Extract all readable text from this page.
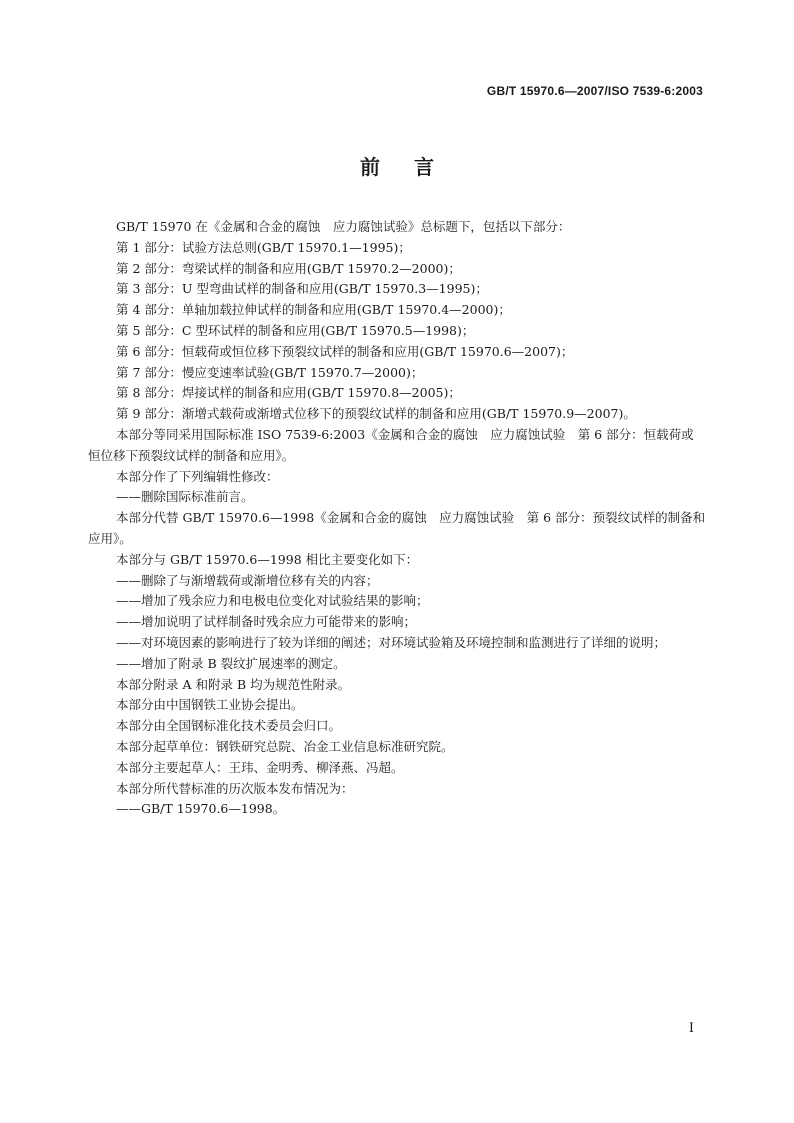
GB/T 15970.6—2007/ISO 7539-6:2003
前言

GB/T 15970 在《金属和合金的腐蚀　应力腐蚀试验》总标题下，包括以下部分：

第 1 部分：试验方法总则(GB/T 15970.1—1995)；

第 2 部分：弯梁试样的制备和应用(GB/T 15970.2—2000)；

第 3 部分：U 型弯曲试样的制备和应用(GB/T 15970.3—1995)；

第 4 部分：单轴加载拉伸试样的制备和应用(GB/T 15970.4—2000)；

第 5 部分：C 型环试样的制备和应用(GB/T 15970.5—1998)；

第 6 部分：恒载荷或恒位移下预裂纹试样的制备和应用(GB/T 15970.6—2007)；

第 7 部分：慢应变速率试验(GB/T 15970.7—2000)；

第 8 部分：焊接试样的制备和应用(GB/T 15970.8—2005)；

第 9 部分：渐增式载荷或渐增式位移下的预裂纹试样的制备和应用(GB/T 15970.9—2007)。

本部分等同采用国际标准 ISO 7539-6:2003《金属和合金的腐蚀　应力腐蚀试验　第 6 部分：恒载荷或恒位移下预裂纹试样的制备和应用》。

本部分作了下列编辑性修改：

——删除国际标准前言。

本部分代替 GB/T 15970.6—1998《金属和合金的腐蚀　应力腐蚀试验　第 6 部分：预裂纹试样的制备和应用》。

本部分与 GB/T 15970.6—1998 相比主要变化如下：

——删除了与渐增载荷或渐增位移有关的内容；

——增加了残余应力和电极电位变化对试验结果的影响；

——增加说明了试样制备时残余应力可能带来的影响；

——对环境因素的影响进行了较为详细的阐述；对环境试验箱及环境控制和监测进行了详细的说明；

——增加了附录 B 裂纹扩展速率的测定。

本部分附录 A 和附录 B 均为规范性附录。

本部分由中国钢铁工业协会提出。

本部分由全国钢标准化技术委员会归口。

本部分起草单位：钢铁研究总院、冶金工业信息标准研究院。

本部分主要起草人：王玮、金明秀、柳泽燕、冯超。

本部分所代替标准的历次版本发布情况为：

——GB/T 15970.6—1998。

I
